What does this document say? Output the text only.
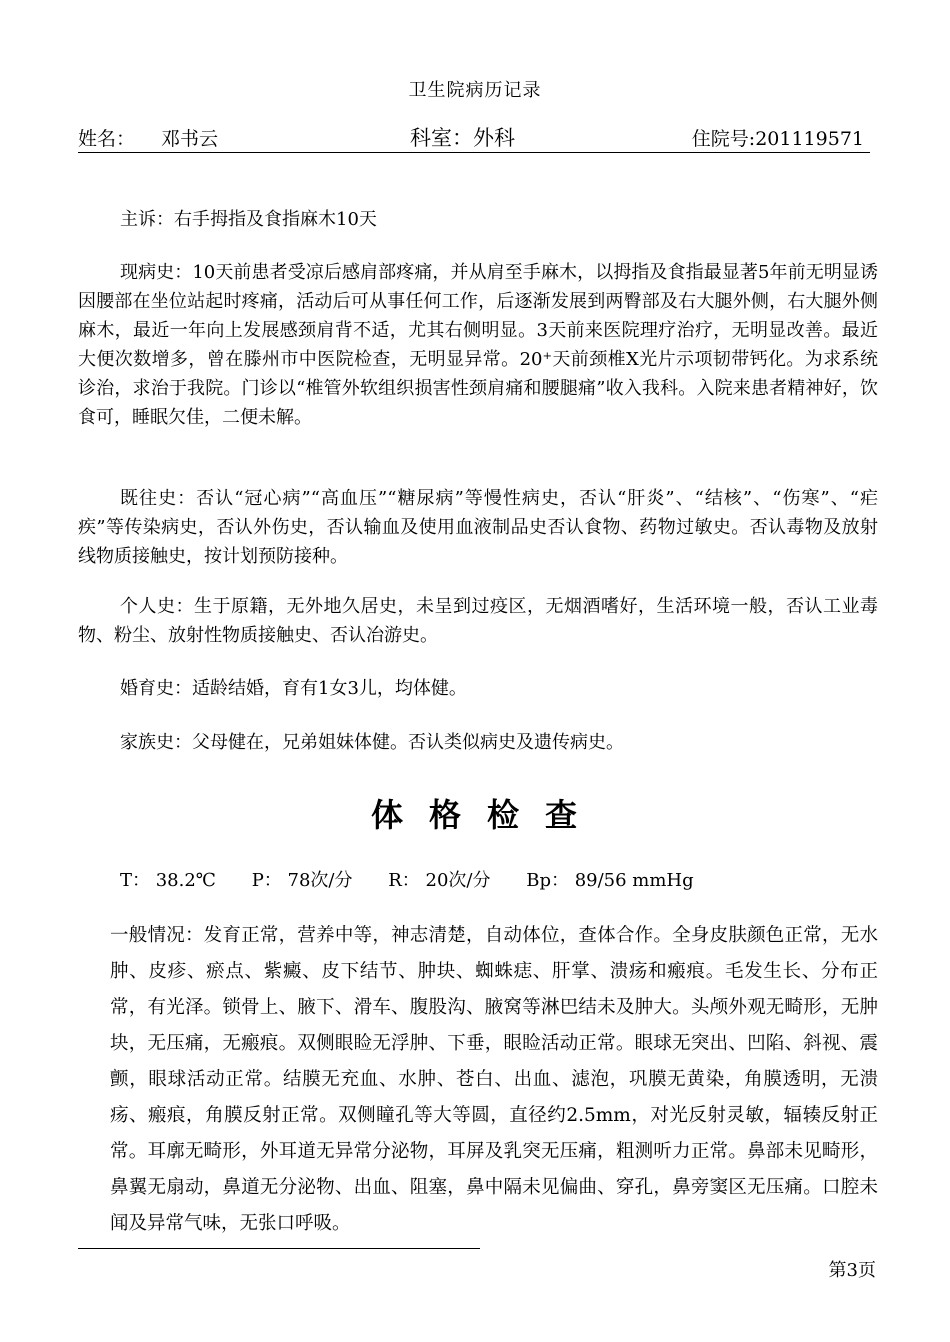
卫生院病历记录
姓名： 邓书云	科室：外科	住院号:201119571

主诉：右手拇指及食指麻木10天

现病史：10天前患者受凉后感肩部疼痛，并从肩至手麻木，以拇指及食指最显著5年前无明显诱因腰部在坐位站起时疼痛，活动后可从事任何工作，后逐渐发展到两臀部及右大腿外侧，右大腿外侧麻木，最近一年向上发展感颈肩背不适，尤其右侧明显。3天前来医院理疗治疗，无明显改善。最近大便次数增多，曾在滕州市中医院检查，无明显异常。20⁺天前颈椎X光片示项韧带钙化。为求系统诊治，求治于我院。门诊以“椎管外软组织损害性颈肩痛和腰腿痛”收入我科。入院来患者精神好，饮食可，睡眠欠佳，二便未解。

既往史：否认“冠心病”“高血压”“糖尿病”等慢性病史，否认“肝炎”、“结核”、“伤寒”、“疟疾”等传染病史，否认外伤史，否认输血及使用血液制品史否认食物、药物过敏史。否认毒物及放射线物质接触史，按计划预防接种。

个人史：生于原籍，无外地久居史，未呈到过疫区，无烟酒嗜好，生活环境一般，否认工业毒物、粉尘、放射性物质接触史、否认冶游史。

婚育史：适龄结婚，育有1女3儿，均体健。

家族史：父母健在，兄弟姐妹体健。否认类似病史及遗传病史。

体格检查
T： 38.2℃ P： 78次/分 R： 20次/分 Bp： 89/56 mmHg

一般情况：发育正常，营养中等，神志清楚，自动体位，查体合作。全身皮肤颜色正常，无水肿、皮疹、瘀点、紫癜、皮下结节、肿块、蜘蛛痣、肝掌、溃疡和瘢痕。毛发生长、分布正常，有光泽。锁骨上、腋下、滑车、腹股沟、腋窝等淋巴结未及肿大。头颅外观无畸形，无肿块，无压痛，无瘢痕。双侧眼睑无浮肿、下垂，眼睑活动正常。眼球无突出、凹陷、斜视、震颤，眼球活动正常。结膜无充血、水肿、苍白、出血、滤泡，巩膜无黄染，角膜透明，无溃疡、瘢痕，角膜反射正常。双侧瞳孔等大等圆，直径约2.5mm，对光反射灵敏，辐辏反射正常。耳廓无畸形，外耳道无异常分泌物，耳屏及乳突无压痛，粗测听力正常。鼻部未见畸形，鼻翼无扇动，鼻道无分泌物、出血、阻塞，鼻中隔未见偏曲、穿孔，鼻旁窦区无压痛。口腔未闻及异常气味，无张口呼吸。

第3页
